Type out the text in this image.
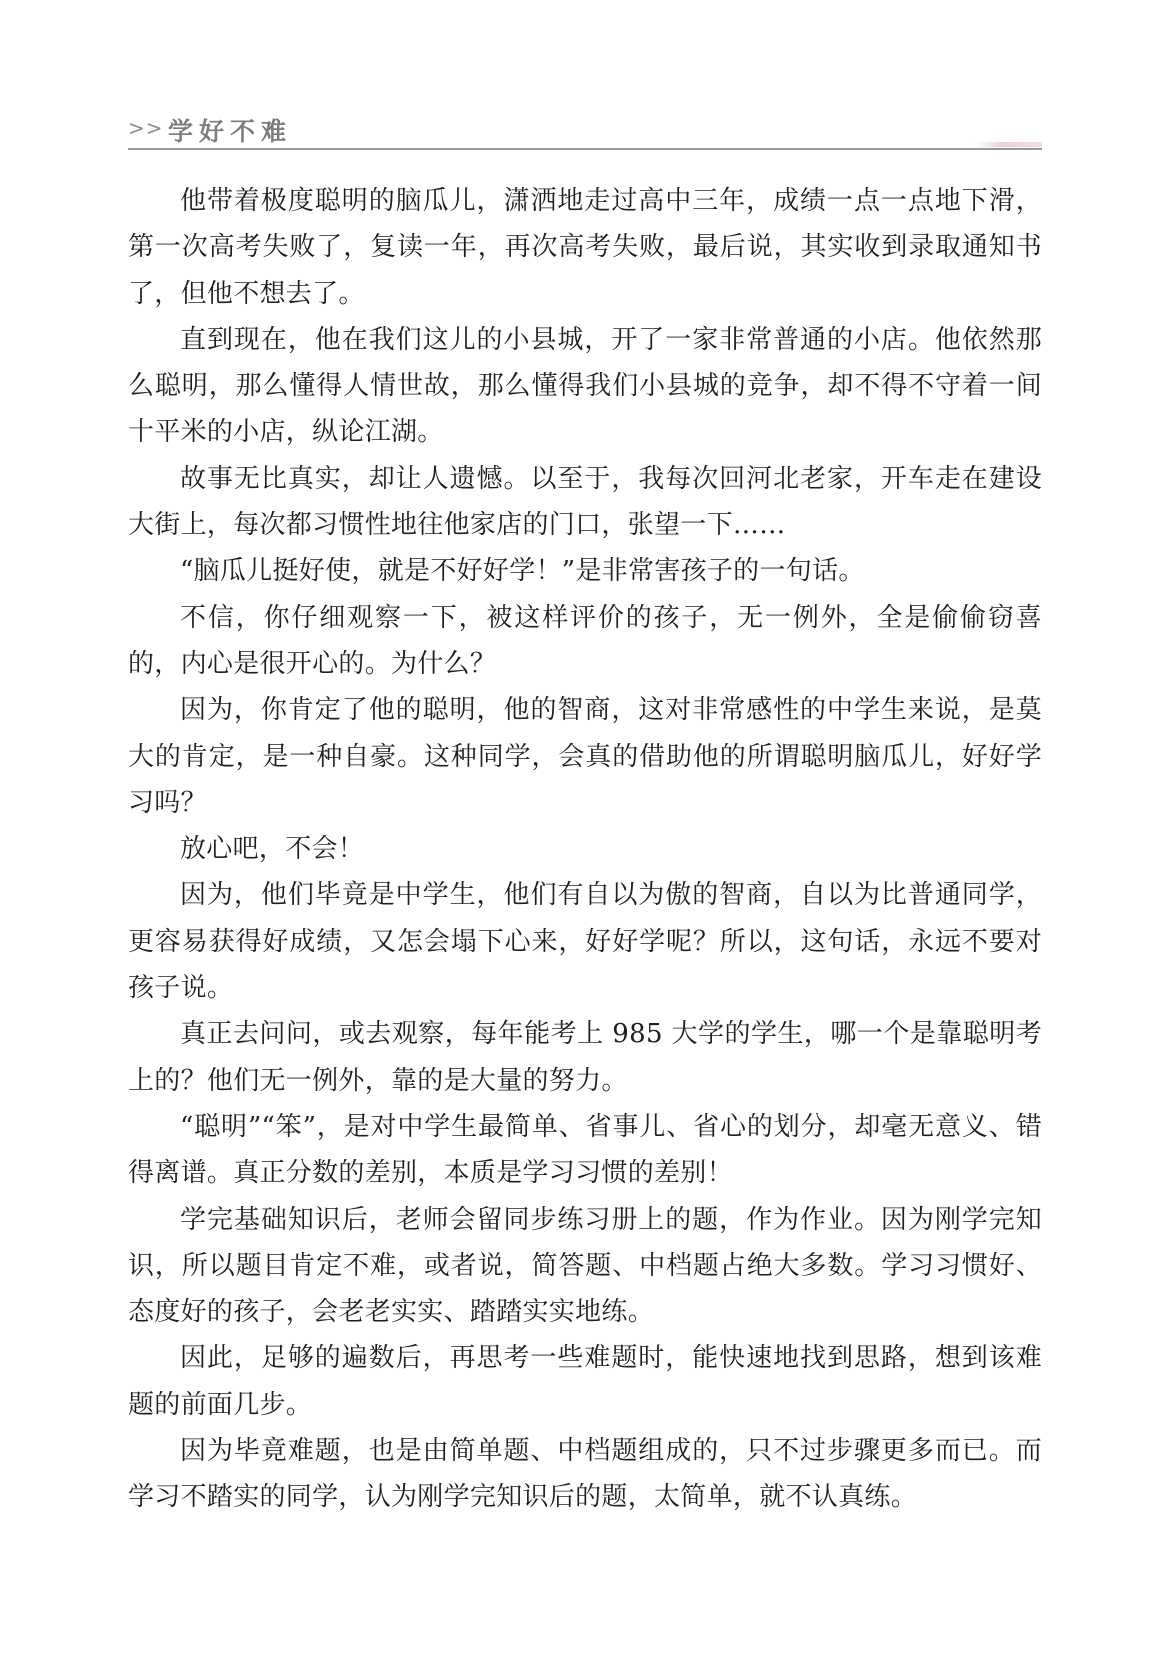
>> 学好不难

他带着极度聪明的脑瓜儿，潇洒地走过高中三年，成绩一点一点地下滑，第一次高考失败了，复读一年，再次高考失败，最后说，其实收到录取通知书了，但他不想去了。

直到现在，他在我们这儿的小县城，开了一家非常普通的小店。他依然那么聪明，那么懂得人情世故，那么懂得我们小县城的竞争，却不得不守着一间十平米的小店，纵论江湖。

故事无比真实，却让人遗憾。以至于，我每次回河北老家，开车走在建设大街上，每次都习惯性地往他家店的门口，张望一下……

“脑瓜儿挺好使，就是不好好学！”是非常害孩子的一句话。

不信，你仔细观察一下，被这样评价的孩子，无一例外，全是偷偷窃喜的，内心是很开心的。为什么？

因为，你肯定了他的聪明，他的智商，这对非常感性的中学生来说，是莫大的肯定，是一种自豪。这种同学，会真的借助他的所谓聪明脑瓜儿，好好学习吗？

放心吧，不会！

因为，他们毕竟是中学生，他们有自以为傲的智商，自以为比普通同学，更容易获得好成绩，又怎会塌下心来，好好学呢？所以，这句话，永远不要对孩子说。

真正去问问，或去观察，每年能考上 985 大学的学生，哪一个是靠聪明考上的？他们无一例外，靠的是大量的努力。

“聪明”“笨”，是对中学生最简单、省事儿、省心的划分，却毫无意义、错得离谱。真正分数的差别，本质是学习习惯的差别！

学完基础知识后，老师会留同步练习册上的题，作为作业。因为刚学完知识，所以题目肯定不难，或者说，简答题、中档题占绝大多数。学习习惯好、态度好的孩子，会老老实实、踏踏实实地练。

因此，足够的遍数后，再思考一些难题时，能快速地找到思路，想到该难题的前面几步。

因为毕竟难题，也是由简单题、中档题组成的，只不过步骤更多而已。而学习不踏实的同学，认为刚学完知识后的题，太简单，就不认真练。
